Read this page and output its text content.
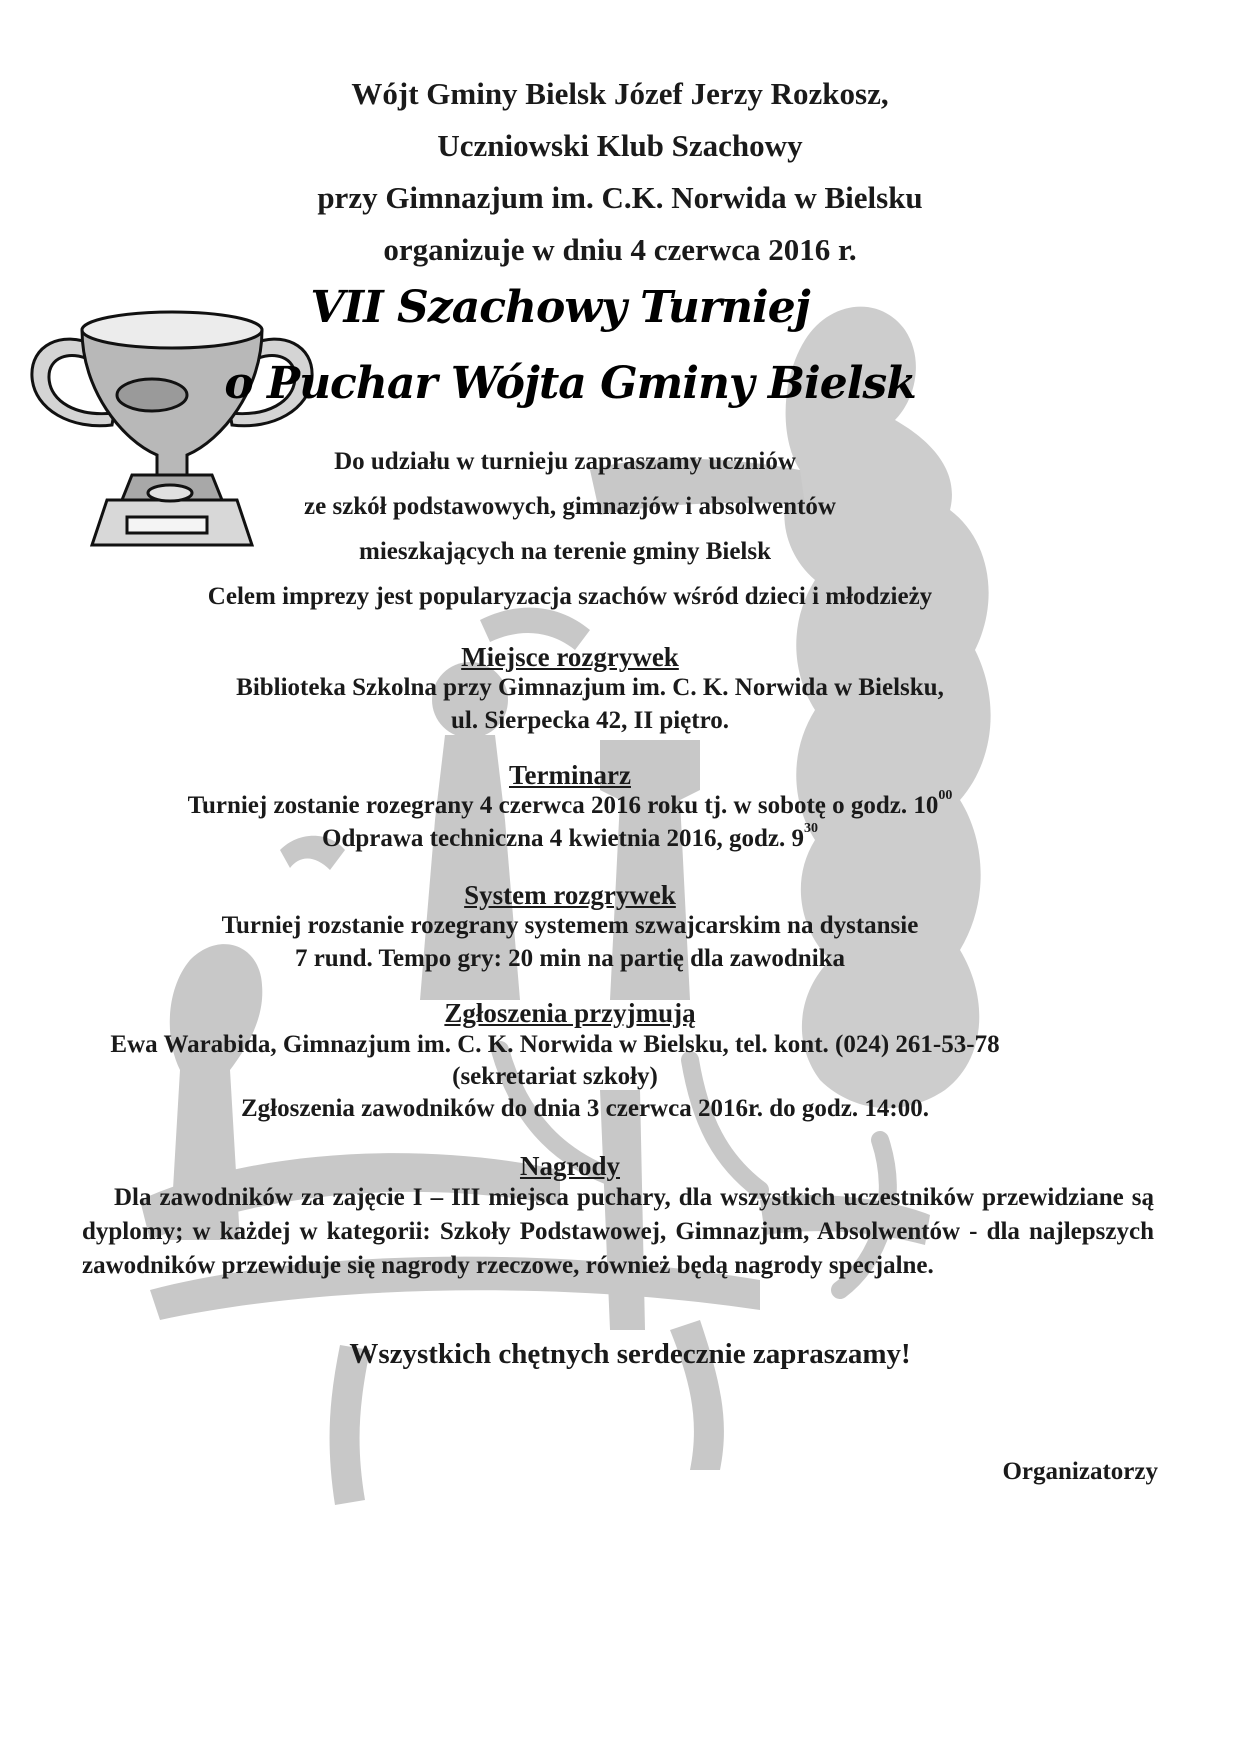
Wójt Gminy Bielsk Józef Jerzy Rozkosz,
Uczniowski Klub Szachowy
przy Gimnazjum im. C.K. Norwida w Bielsku
organizuje w dniu 4 czerwca 2016 r.
VII Szachowy Turniej
o Puchar Wójta Gminy Bielsk
Do udziału w turnieju zapraszamy uczniów
ze szkół podstawowych, gimnazjów i absolwentów
mieszkających na terenie gminy Bielsk
Celem imprezy jest popularyzacja szachów wśród dzieci i młodzieży
Miejsce rozgrywek
Biblioteka Szkolna przy Gimnazjum im. C. K. Norwida w Bielsku,
ul. Sierpecka 42, II piętro.
Terminarz
Turniej zostanie rozegrany 4 czerwca 2016 roku tj. w sobotę o godz. $10^{00}$
Odprawa techniczna 4 kwietnia 2016, godz. $9^{30}$
System rozgrywek
Turniej rozstanie rozegrany systemem szwajcarskim na dystansie
7 rund. Tempo gry: 20 min na partię dla zawodnika
Zgłoszenia przyjmują
Ewa Warabida, Gimnazjum im. C. K. Norwida w Bielsku, tel. kont. (024) 261-53-78
(sekretariat szkoły)
Zgłoszenia zawodników do dnia 3 czerwca 2016r. do godz. 14:00.
Nagrody
Dla zawodników za zajęcie I – III miejsca puchary, dla wszystkich uczestników przewidziane są dyplomy; w każdej w kategorii: Szkoły Podstawowej, Gimnazjum, Absolwentów - dla najlepszych zawodników przewiduje się nagrody rzeczowe, również będą nagrody specjalne.
Wszystkich chętnych serdecznie zapraszamy!
Organizatorzy
